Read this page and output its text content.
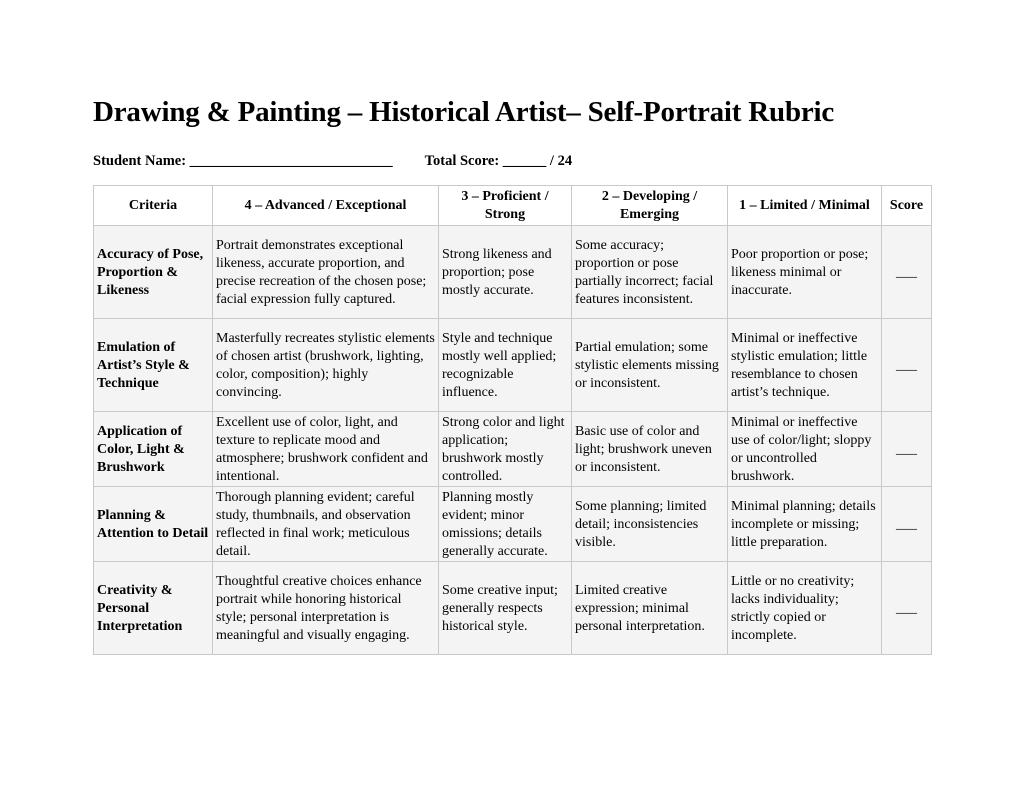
Drawing & Painting – Historical Artist– Self-Portrait Rubric
Student Name: ____________________________ Total Score: ______ / 24
Criteria	4 – Advanced / Exceptional	3 – Proficient / Strong	2 – Developing / Emerging	1 – Limited / Minimal	Score
Accuracy of Pose, Proportion & Likeness	Portrait demonstrates exceptional likeness, accurate proportion, and precise recreation of the chosen pose; facial expression fully captured.	Strong likeness and proportion; pose mostly accurate.	Some accuracy; proportion or pose partially incorrect; facial features inconsistent.	Poor proportion or pose; likeness minimal or inaccurate.	___
Emulation of Artist’s Style & Technique	Masterfully recreates stylistic elements of chosen artist (brushwork, lighting, color, composition); highly convincing.	Style and technique mostly well applied; recognizable influence.	Partial emulation; some stylistic elements missing or inconsistent.	Minimal or ineffective stylistic emulation; little resemblance to chosen artist’s technique.	___
Application of Color, Light & Brushwork	Excellent use of color, light, and texture to replicate mood and atmosphere; brushwork confident and intentional.	Strong color and light application; brushwork mostly controlled.	Basic use of color and light; brushwork uneven or inconsistent.	Minimal or ineffective use of color/light; sloppy or uncontrolled brushwork.	___
Planning & Attention to Detail	Thorough planning evident; careful study, thumbnails, and observation reflected in final work; meticulous detail.	Planning mostly evident; minor omissions; details generally accurate.	Some planning; limited detail; inconsistencies visible.	Minimal planning; details incomplete or missing; little preparation.	___
Creativity & Personal Interpretation	Thoughtful creative choices enhance portrait while honoring historical style; personal interpretation is meaningful and visually engaging.	Some creative input; generally respects historical style.	Limited creative expression; minimal personal interpretation.	Little or no creativity; lacks individuality; strictly copied or incomplete.	___
